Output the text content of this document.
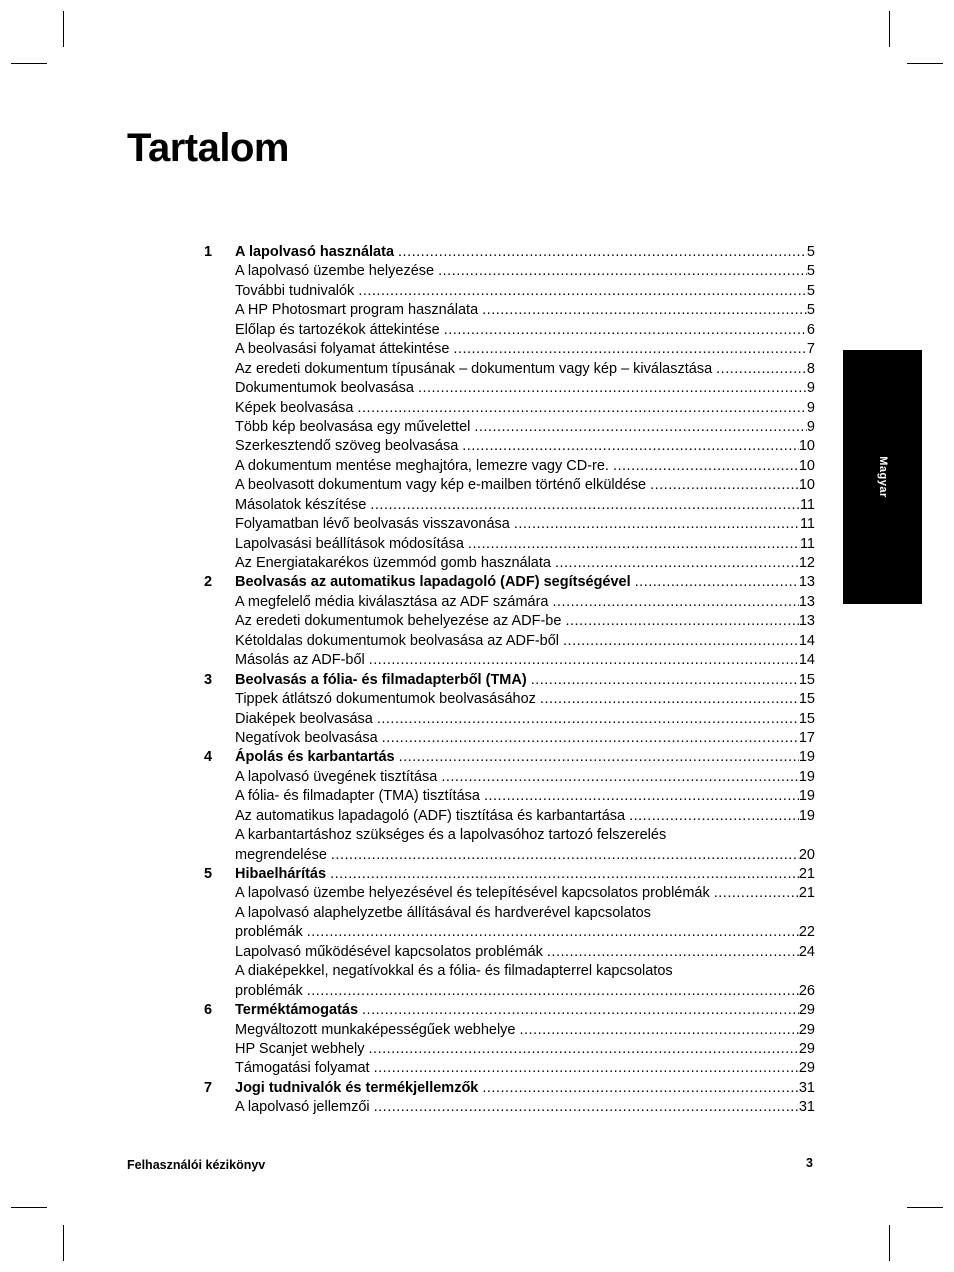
Tartalom
1	A lapolvasó használata .....	5
A lapolvasó üzembe helyezése .....	5
További tudnivalók .....	5
A HP Photosmart program használata .....	5
Előlap és tartozékok áttekintése .....	6
A beolvasási folyamat áttekintése .....	7
Az eredeti dokumentum típusának – dokumentum vagy kép – kiválasztása .....	8
Dokumentumok beolvasása .....	9
Képek beolvasása .....	9
Több kép beolvasása egy művelettel .....	9
Szerkesztendő szöveg beolvasása .....	10
A dokumentum mentése meghajtóra, lemezre vagy CD-re. .....	10
A beolvasott dokumentum vagy kép e-mailben történő elküldése .....	10
Másolatok készítése .....	11
Folyamatban lévő beolvasás visszavonása .....	11
Lapolvasási beállítások módosítása .....	11
Az Energiatakarékos üzemmód gomb használata .....	12
2	Beolvasás az automatikus lapadagoló (ADF) segítségével .....	13
A megfelelő média kiválasztása az ADF számára .....	13
Az eredeti dokumentumok behelyezése az ADF-be .....	13
Kétoldalas dokumentumok beolvasása az ADF-ből .....	14
Másolás az ADF-ből .....	14
3	Beolvasás a fólia- és filmadapterből (TMA) .....	15
Tippek átlátszó dokumentumok beolvasásához .....	15
Diaképek beolvasása .....	15
Negatívok beolvasása .....	17
4	Ápolás és karbantartás .....	19
A lapolvasó üvegének tisztítása .....	19
A fólia- és filmadapter (TMA) tisztítása .....	19
Az automatikus lapadagoló (ADF) tisztítása és karbantartása .....	19
A karbantartáshoz szükséges és a lapolvasóhoz tartozó felszerelés
megrendelése .....	20
5	Hibaelhárítás .....	21
A lapolvasó üzembe helyezésével és telepítésével kapcsolatos problémák .....	21
A lapolvasó alaphelyzetbe állításával és hardverével kapcsolatos
problémák .....	22
Lapolvasó működésével kapcsolatos problémák .....	24
A diaképekkel, negatívokkal és a fólia- és filmadapterrel kapcsolatos
problémák .....	26
6	Terméktámogatás .....	29
Megváltozott munkaképességűek webhelye .....	29
HP Scanjet webhely .....	29
Támogatási folyamat .....	29
7	Jogi tudnivalók és termékjellemzők .....	31
A lapolvasó jellemzői .....	31
Magyar
Felhasználói kézikönyv	3
